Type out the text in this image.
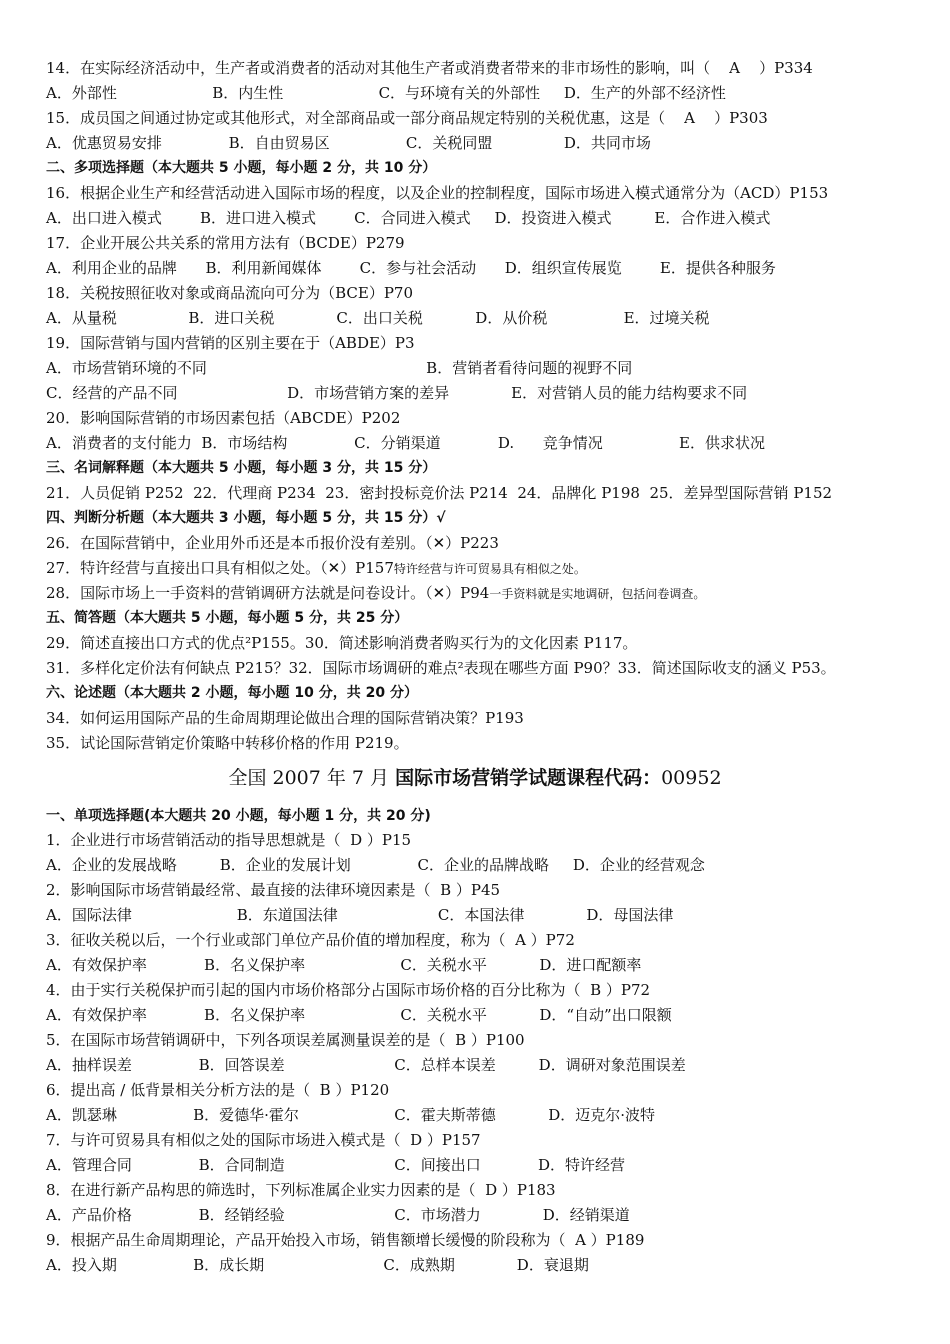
全国 2007 年 7 月 国际市场营销学试题课程代码：00952
14．在实际经济活动中，生产者或消费者的活动对其他生产者或消费者带来的非市场性的影响，叫（    A    ）P334
A．外部性                    B．内生性                    C．与环境有关的外部性     D．生产的外部不经济性
15．成员国之间通过协定或其他形式，对全部商品或一部分商品规定特别的关税优惠，这是（    A    ）P303
A．优惠贸易安排              B．自由贸易区                C．关税同盟               D．共同市场
二、多项选择题（本大题共 5 小题，每小题 2 分，共 10 分）
16．根据企业生产和经营活动进入国际市场的程度，以及企业的控制程度，国际市场进入模式通常分为（ACD）P153
A．出口进入模式        B．进口进入模式        C．合同进入模式     D．投资进入模式         E．合作进入模式
17．企业开展公共关系的常用方法有（BCDE）P279
A．利用企业的品牌      B．利用新闻媒体        C．参与社会活动      D．组织宣传展览        E．提供各种服务
18．关税按照征收对象或商品流向可分为（BCE）P70
A．从量税               B．进口关税             C．出口关税           D．从价税                E．过境关税
19．国际营销与国内营销的区别主要在于（ABDE）P3
A．市场营销环境的不同                                              B．营销者看待问题的视野不同
C．经营的产品不同                       D．市场营销方案的差异             E．对营销人员的能力结构要求不同
20．影响国际营销的市场因素包括（ABCDE）P202
A．消费者的支付能力  B．市场结构              C．分销渠道            D.      竞争情况                E．供求状况
三、名词解释题（本大题共 5 小题，每小题 3 分，共 15 分）
21．人员促销 P252  22．代理商 P234  23．密封投标竞价法 P214  24．品牌化 P198  25．差异型国际营销 P152
四、判断分析题（本大题共 3 小题，每小题 5 分，共 15 分）√
26．在国际营销中，企业用外币还是本币报价没有差别。（✕）P223
27．特许经营与直接出口具有相似之处。（✕）P157特许经营与许可贸易具有相似之处。
28．国际市场上一手资料的营销调研方法就是问卷设计。（✕）P94一手资料就是实地调研，包括问卷调查。
五、简答题（本大题共 5 小题，每小题 5 分，共 25 分）
29．简述直接出口方式的优点²P155。30．简述影响消费者购买行为的文化因素 P117。
31．多样化定价法有何缺点 P215？32．国际市场调研的难点²表现在哪些方面 P90？33．简述国际收支的涵义 P53。
六、论述题（本大题共 2 小题，每小题 10 分，共 20 分）
34．如何运用国际产品的生命周期理论做出合理的国际营销决策？P193
35．试论国际营销定价策略中转移价格的作用 P219。
一、单项选择题(本大题共 20 小题，每小题 1 分，共 20 分)
1．企业进行市场营销活动的指导思想就是（  D ）P15
A．企业的发展战略         B．企业的发展计划              C．企业的品牌战略     D．企业的经营观念
2．影响国际市场营销最经常、最直接的法律环境因素是（  B ）P45
A．国际法律                      B．东道国法律                     C．本国法律             D．母国法律
3．征收关税以后，一个行业或部门单位产品价值的增加程度，称为（  A ）P72
A．有效保护率            B．名义保护率                    C．关税水平           D．进口配额率
4．由于实行关税保护而引起的国内市场价格部分占国际市场价格的百分比称为（  B ）P72
A．有效保护率            B．名义保护率                    C．关税水平           D．“自动”出口限额
5．在国际市场营销调研中，下列各项误差属测量误差的是（  B ）P100
A．抽样误差              B．回答误差                       C．总样本误差         D．调研对象范围误差
6．提出高 / 低背景相关分析方法的是（  B ）P120
A．凯瑟琳                B．爱德华·霍尔                    C．霍夫斯蒂德           D．迈克尔·波特
7．与许可贸易具有相似之处的国际市场进入模式是（  D ）P157
A．管理合同              B．合同制造                       C．间接出口            D．特许经营
8．在进行新产品构思的筛选时，下列标准属企业实力因素的是（  D ）P183
A．产品价格              B．经销经验                       C．市场潜力             D．经销渠道
9．根据产品生命周期理论，产品开始投入市场，销售额增长缓慢的阶段称为（  A ）P189
A．投入期                B．成长期                         C．成熟期             D．衰退期
